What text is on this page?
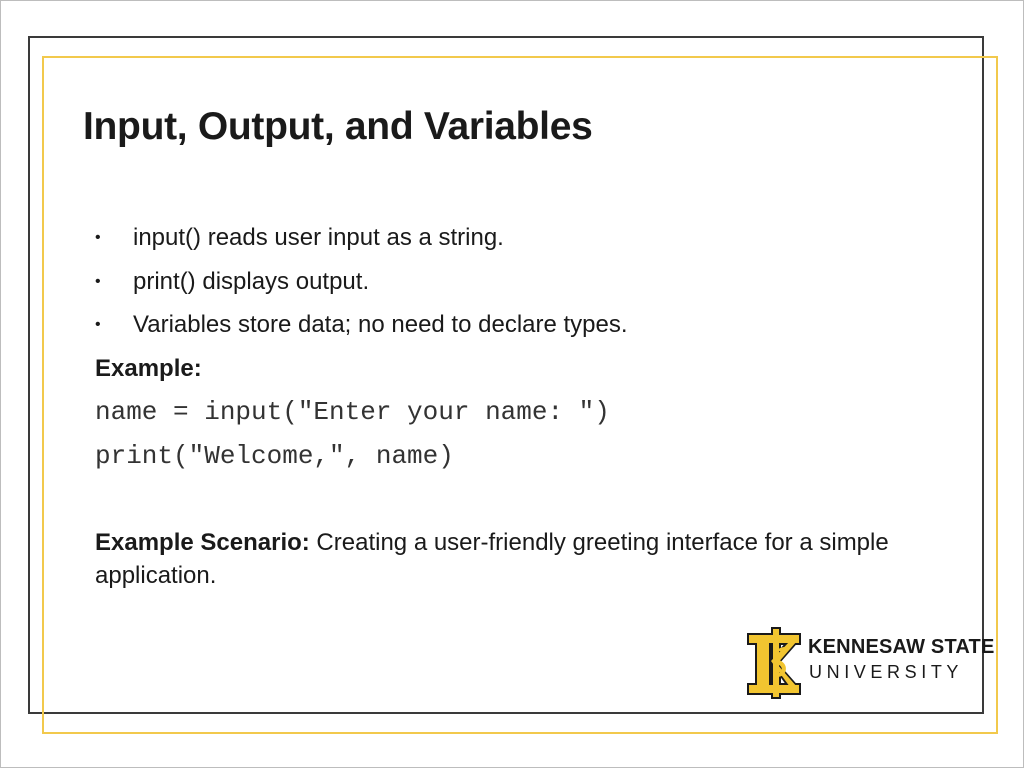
Input, Output, and Variables
• input() reads user input as a string.
• print() displays output.
• Variables store data; no need to declare types.

Example:

name = input("Enter your name: ")

print("Welcome,", name)

Example Scenario: Creating a user-friendly greeting interface for a simple application.

KENNESAW STATE
UNIVERSITY
